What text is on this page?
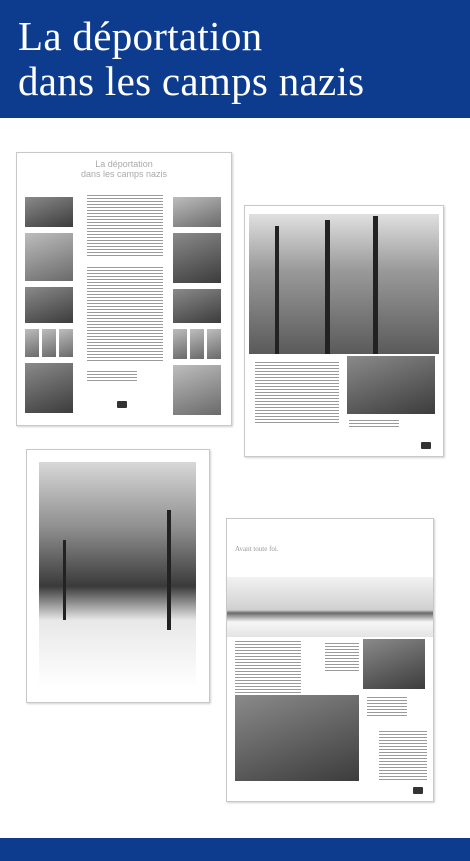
La déportation
dans les camps nazis
La déportation
dans les camps nazis
Avant toute foi.
